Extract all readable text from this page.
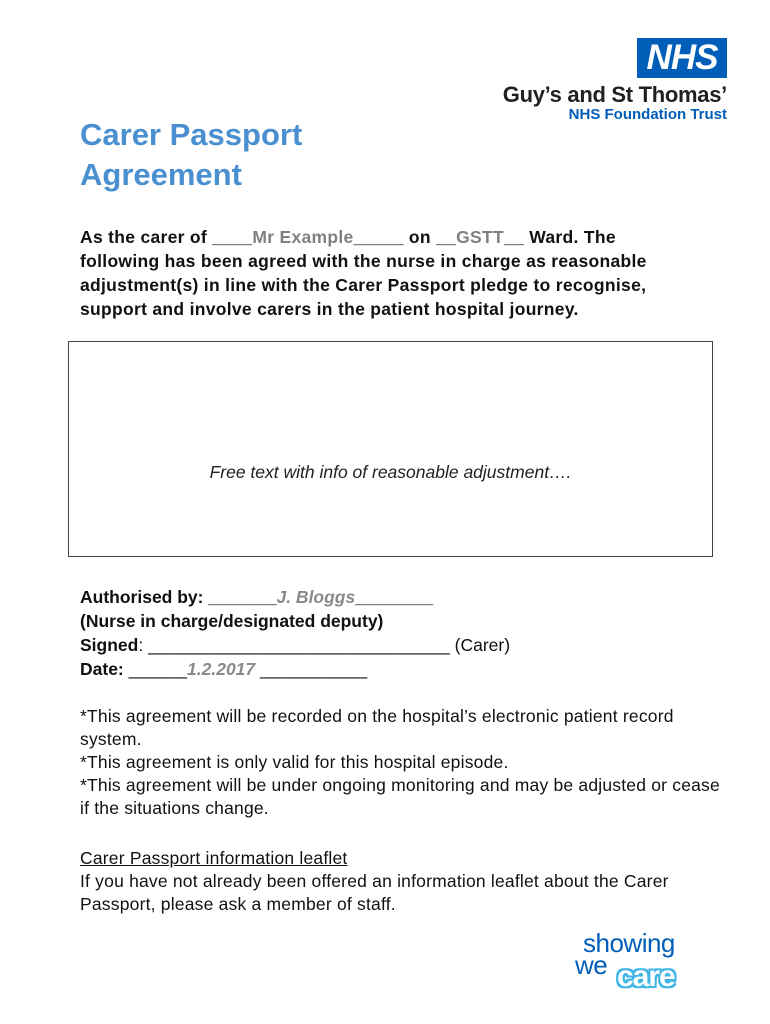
NHS
Guy’s and St Thomas’
NHS Foundation Trust
Carer Passport
Agreement
As the carer of ____Mr Example_____ on __GSTT__ Ward. The following has been agreed with the nurse in charge as reasonable adjustment(s) in line with the Carer Passport pledge to recognise, support and involve carers in the patient hospital journey.
Free text with info of reasonable adjustment….
Authorised by: _______J. Bloggs________
(Nurse in charge/designated deputy)
Signed: _______________________________ (Carer)
Date: ______1.2.2017 ___________
*This agreement will be recorded on the hospital’s electronic patient record system.
*This agreement is only valid for this hospital episode.
*This agreement will be under ongoing monitoring and may be adjusted or cease if the situations change.
Carer Passport information leaflet
If you have not already been offered an information leaflet about the Carer Passport, please ask a member of staff.
showing
we care
